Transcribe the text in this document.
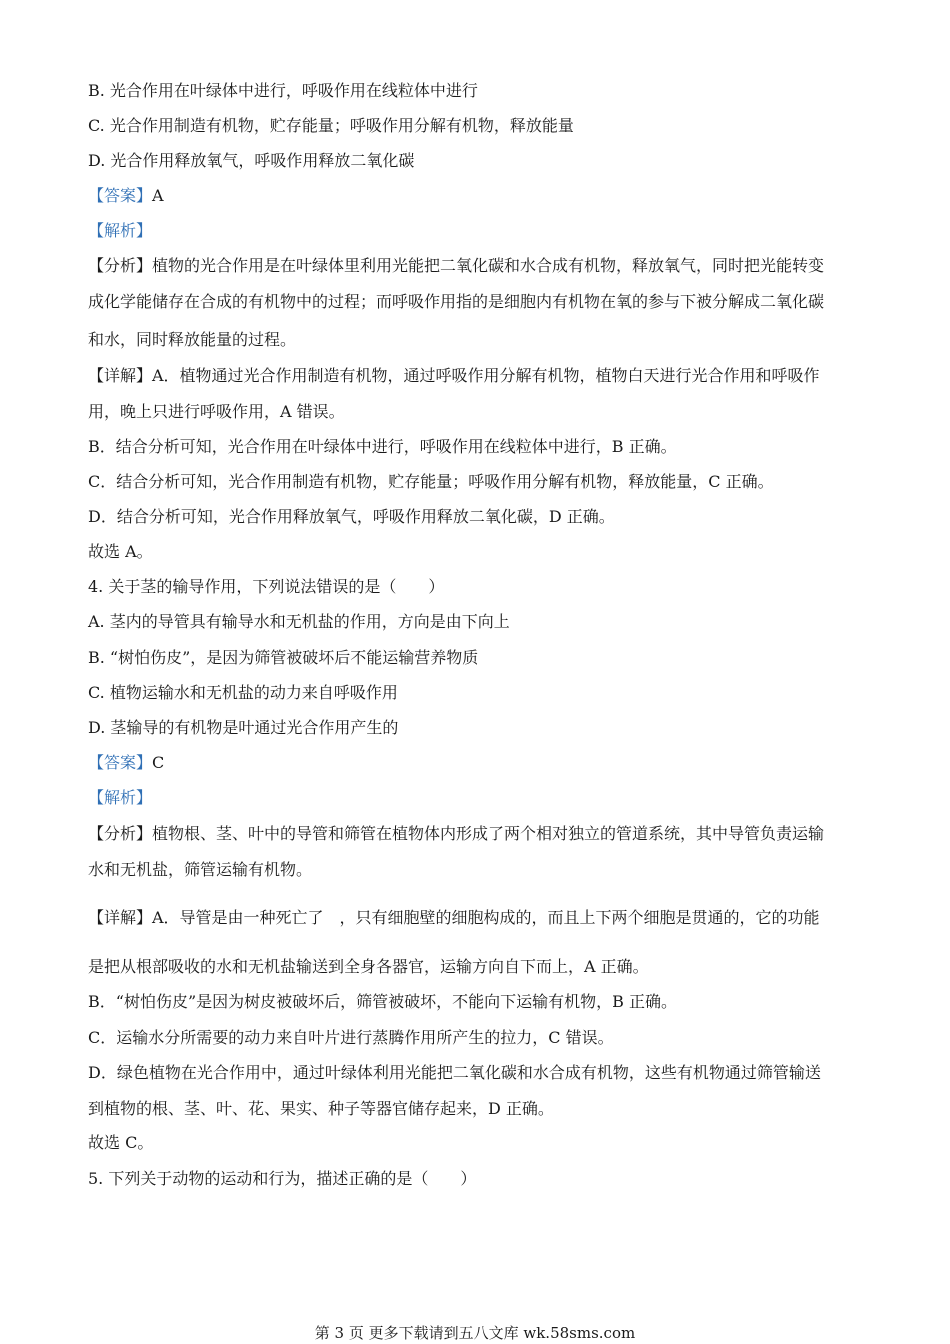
B. 光合作用在叶绿体中进行，呼吸作用在线粒体中进行
C. 光合作用制造有机物，贮存能量；呼吸作用分解有机物，释放能量
D. 光合作用释放氧气，呼吸作用释放二氧化碳
【答案】A
【解析】
【分析】植物的光合作用是在叶绿体里利用光能把二氧化碳和水合成有机物，释放氧气，同时把光能转变
成化学能储存在合成的有机物中的过程；而呼吸作用指的是细胞内有机物在氧的参与下被分解成二氧化碳
和水，同时释放能量的过程。
【详解】A．植物通过光合作用制造有机物，通过呼吸作用分解有机物，植物白天进行光合作用和呼吸作
用，晚上只进行呼吸作用，A 错误。
B．结合分析可知，光合作用在叶绿体中进行，呼吸作用在线粒体中进行，B 正确。
C．结合分析可知，光合作用制造有机物，贮存能量；呼吸作用分解有机物，释放能量，C 正确。
D．结合分析可知，光合作用释放氧气，呼吸作用释放二氧化碳，D 正确。
故选 A。
4. 关于茎的输导作用，下列说法错误的是（　　）
A. 茎内的导管具有输导水和无机盐的作用，方向是由下向上
B. “树怕伤皮”，是因为筛管被破坏后不能运输营养物质
C. 植物运输水和无机盐的动力来自呼吸作用
D. 茎输导的有机物是叶通过光合作用产生的
【答案】C
【解析】
【分析】植物根、茎、叶中的导管和筛管在植物体内形成了两个相对独立的管道系统，其中导管负责运输
水和无机盐，筛管运输有机物。
【详解】A．导管是由一种死亡了　，只有细胞壁的细胞构成的，而且上下两个细胞是贯通的，它的功能
是把从根部吸收的水和无机盐输送到全身各器官，运输方向自下而上，A 正确。
B．“树怕伤皮”是因为树皮被破坏后，筛管被破坏，不能向下运输有机物，B 正确。
C．运输水分所需要的动力来自叶片进行蒸腾作用所产生的拉力，C 错误。
D．绿色植物在光合作用中，通过叶绿体利用光能把二氧化碳和水合成有机物，这些有机物通过筛管输送
到植物的根、茎、叶、花、果实、种子等器官储存起来，D 正确。
故选 C。
5. 下列关于动物的运动和行为，描述正确的是（　　）
第 3 页 更多下载请到五八文库 wk.58sms.com
